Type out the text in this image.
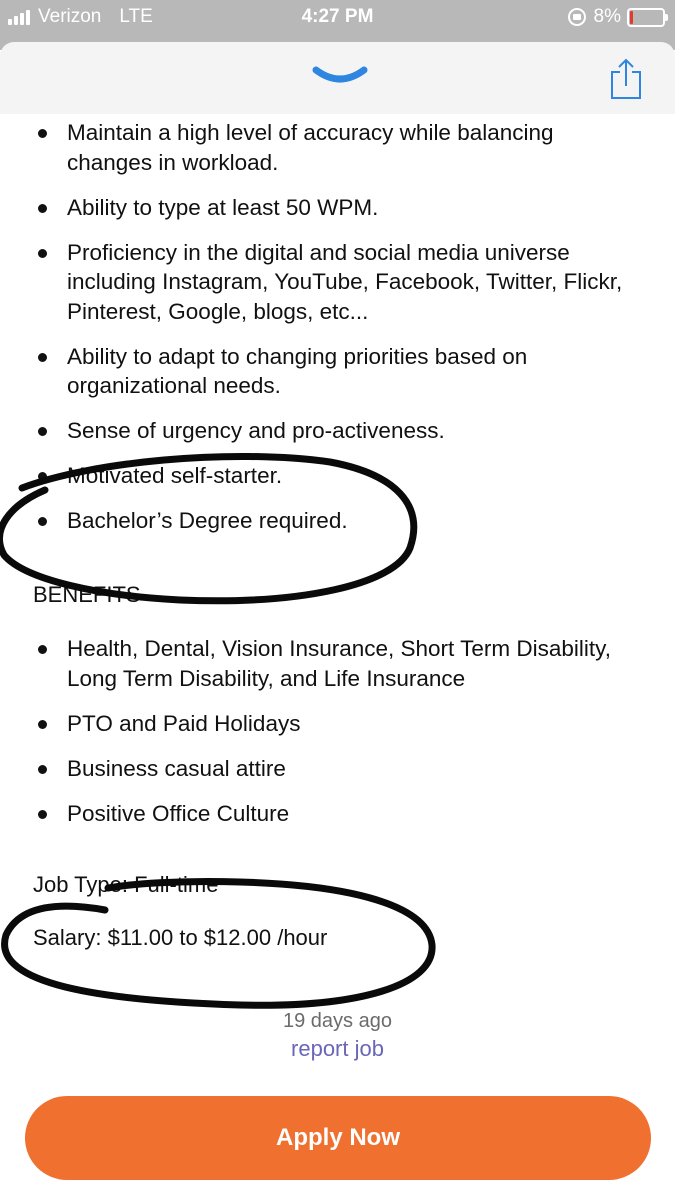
Verizon LTE	4:27 PM	8%
Maintain a high level of accuracy while balancing changes in workload.
Ability to type at least 50 WPM.
Proficiency in the digital and social media universe including Instagram, YouTube, Facebook, Twitter, Flickr, Pinterest, Google, blogs, etc...
Ability to adapt to changing priorities based on organizational needs.
Sense of urgency and pro-activeness.
Motivated self-starter.
Bachelor’s Degree required.
BENEFITS
Health, Dental, Vision Insurance, Short Term Disability, Long Term Disability, and Life Insurance
PTO and Paid Holidays
Business casual attire
Positive Office Culture
Job Type: Full-time
Salary: $11.00 to $12.00 /hour
19 days ago
report job
Apply Now
